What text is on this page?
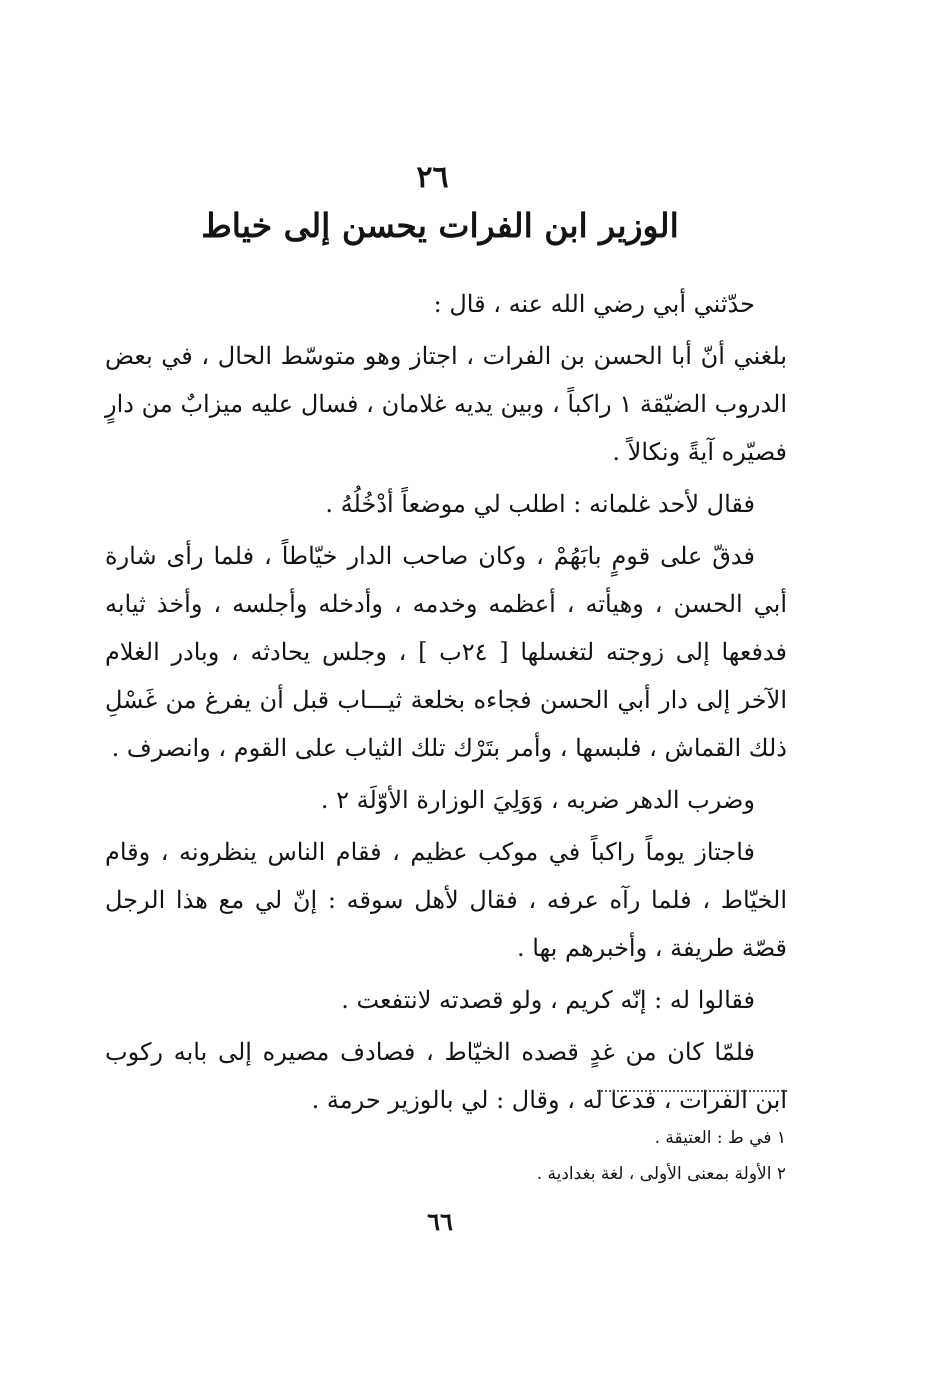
٢٦
الوزير ابن الفرات يحسن إلى خياط

حدّثني أبي رضي الله عنه ، قال :

بلغني أنّ أبا الحسن بن الفرات ، اجتاز وهو متوسّط الحال ، في بعض الدروب الضيّقة ١ راكباً ، وبين يديه غلامان ، فسال عليه ميزابٌ من دارٍ فصيّره آيةً ونكالاً .

فقال لأحد غلمانه : اطلب لي موضعاً أدْخُلُهُ .

فدقّ على قومٍ بابَهُمْ ، وكان صاحب الدار خيّاطاً ، فلما رأى شارة أبي الحسن ، وهيأته ، أعظمه وخدمه ، وأدخله وأجلسه ، وأخذ ثيابه فدفعها إلى زوجته لتغسلها [ ٢٤ب ] ، وجلس يحادثه ، وبادر الغلام الآخر إلى دار أبي الحسن فجاءه بخلعة ثيـــاب قبل أن يفرغ من غَسْلِ ذلك القماش ، فلبسها ، وأمر بتَرْك تلك الثياب على القوم ، وانصرف .

وضرب الدهر ضربه ، وَوَلِيَ الوزارة الأوّلَة ٢ .

فاجتاز يوماً راكباً في موكب عظيم ، فقام الناس ينظرونه ، وقام الخيّاط ، فلما رآه عرفه ، فقال لأهل سوقه : إنّ لي مع هذا الرجل قصّة طريفة ، وأخبرهم بها .

فقالوا له : إنّه كريم ، ولو قصدته لانتفعت .

فلمّا كان من غدٍ قصده الخيّاط ، فصادف مصيره إلى بابه ركوب ابن الفرات ، فدعا له ، وقال : لي بالوزير حرمة .

١ في ط : العتيقة .
٢ الأولة بمعنى الأولى ، لغة بغدادية .
٦٦
